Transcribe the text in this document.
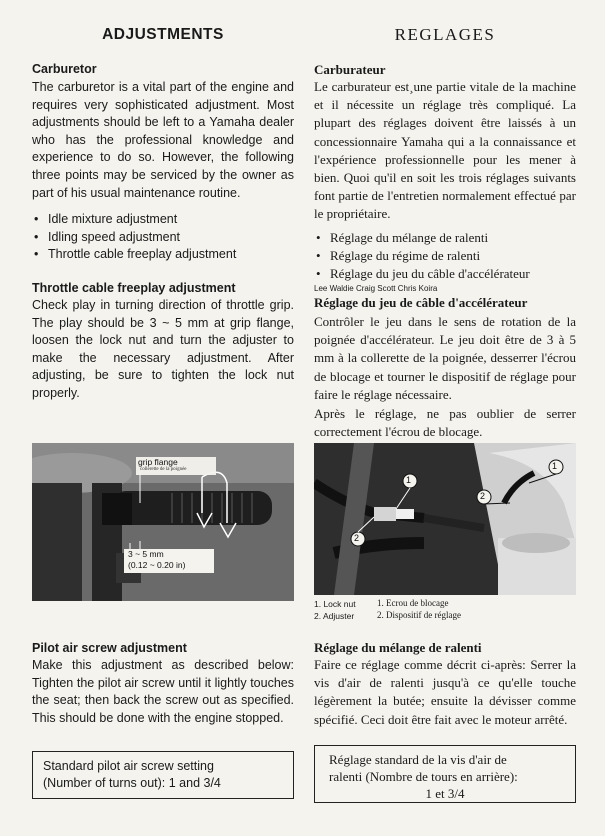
ADJUSTMENTS
Carburetor
The carburetor is a vital part of the engine and requires very sophisticated adjustment. Most adjustments should be left to a Yamaha dealer who has the professional knowledge and experience to do so. However, the following three points may be serviced by the owner as part of his usual maintenance routine.
• Idle mixture adjustment
• Idling speed adjustment
• Throttle cable freeplay adjustment
Throttle cable freeplay adjustment
Check play in turning direction of throttle grip. The play should be 3 ~ 5 mm at grip flange, loosen the lock nut and turn the adjuster to make the necessary adjustment. After adjusting, be sure to tighten the lock nut properly.
grip flange
collerette de la poignée
3 ~ 5 mm
(0.12 ~ 0.20 in)
Pilot air screw adjustment
Make this adjustment as described below: Tighten the pilot air screw until it lightly touches the seat; then back the screw out as specified. This should be done with the engine stopped.
Standard pilot air screw setting
(Number of turns out): 1 and 3/4
REGLAGES
Carburateur
Le carburateur est¸une partie vitale de la machine et il nécessite un réglage très compliqué. La plupart des réglages doivent être laissés à un concessionnaire Yamaha qui a la connaissance et l'expérience professionnelle pour les mener à bien. Quoi qu'il en soit les trois réglages suivants font partie de l'entretien normalement effectué par le propriétaire.
• Réglage du mélange de ralenti
• Réglage du régime de ralenti
• Réglage du jeu du câble d'accélérateur
Lee Waldie Craig Scott Chris Koira
Réglage du jeu de câble d'accélérateur
Contrôler le jeu dans le sens de rotation de la poignée d'accélérateur. Le jeu doit être de 3 à 5 mm à la collerette de la poignée, desserrer l'écrou de blocage et tourner le dispositif de réglage pour faire le réglage nécessaire.
Après le réglage, ne pas oublier de serrer correctement l'écrou de blocage.
1
2
1
2
1. Lock nut
2. Adjuster
1. Ecrou de blocage
2. Dispositif de réglage
Réglage du mélange de ralenti
Faire ce réglage comme décrit ci-après: Serrer la vis d'air de ralenti jusqu'à ce qu'elle touche légèrement la butée; ensuite la dévisser comme spécifié. Ceci doit être fait avec le moteur arrêté.
Réglage standard de la vis d'air de
ralenti (Nombre de tours en arrière):
1 et 3/4
